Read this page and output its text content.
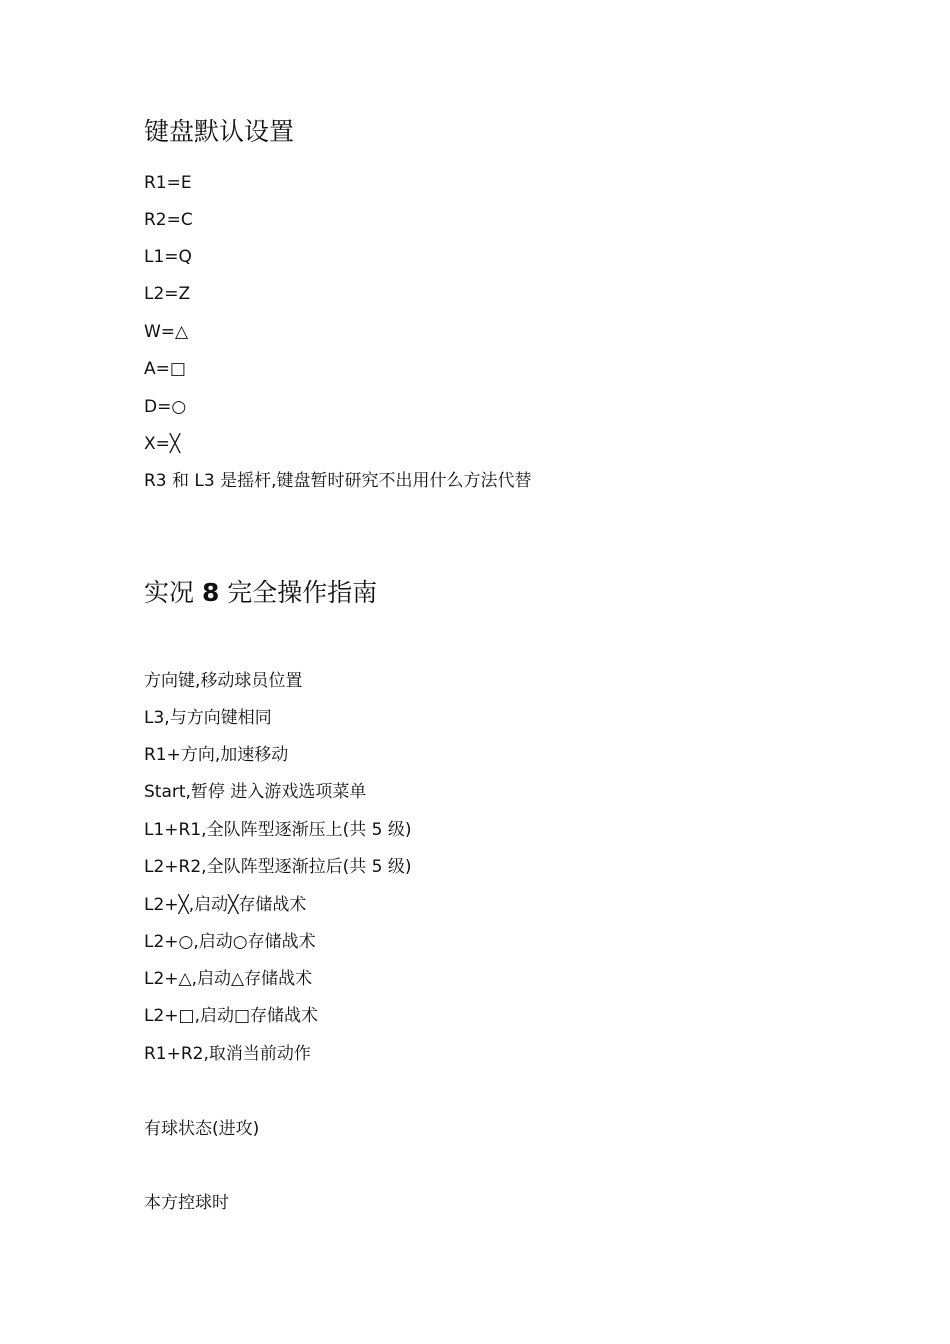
键盘默认设置

R1=E

R2=C

L1=Q

L2=Z

W=△

A=□

D=○

X=╳

R3 和 L3 是摇杆,键盘暂时研究不出用什么方法代替

实况 8 完全操作指南

方向键,移动球员位置

L3,与方向键相同

R1+方向,加速移动

Start,暂停 进入游戏选项菜单

L1+R1,全队阵型逐渐压上(共 5 级)

L2+R2,全队阵型逐渐拉后(共 5 级)

L2+╳,启动╳存储战术

L2+○,启动○存储战术

L2+△,启动△存储战术

L2+□,启动□存储战术

R1+R2,取消当前动作

有球状态(进攻)

本方控球时
